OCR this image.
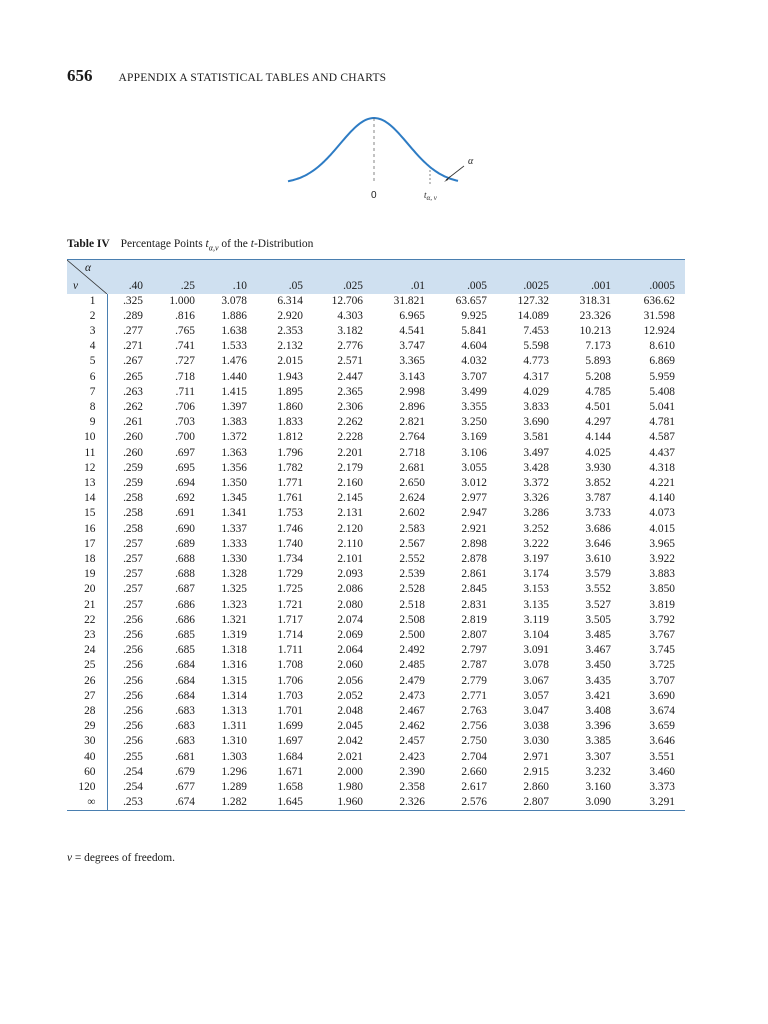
656 APPENDIX A STATISTICAL TABLES AND CHARTS
α
0	$t_{\alpha, \nu}$
Table IV Percentage Points $t_{\alpha,\nu}$ of the t-Distribution
α
ν	.40	.25	.10	.05	.025	.01	.005	.0025	.001	.0005
1	.325	1.000	3.078	6.314	12.706	31.821	63.657	127.32	318.31	636.62
2	.289	.816	1.886	2.920	4.303	6.965	9.925	14.089	23.326	31.598
3	.277	.765	1.638	2.353	3.182	4.541	5.841	7.453	10.213	12.924
4	.271	.741	1.533	2.132	2.776	3.747	4.604	5.598	7.173	8.610
5	.267	.727	1.476	2.015	2.571	3.365	4.032	4.773	5.893	6.869
6	.265	.718	1.440	1.943	2.447	3.143	3.707	4.317	5.208	5.959
7	.263	.711	1.415	1.895	2.365	2.998	3.499	4.029	4.785	5.408
8	.262	.706	1.397	1.860	2.306	2.896	3.355	3.833	4.501	5.041
9	.261	.703	1.383	1.833	2.262	2.821	3.250	3.690	4.297	4.781
10	.260	.700	1.372	1.812	2.228	2.764	3.169	3.581	4.144	4.587
11	.260	.697	1.363	1.796	2.201	2.718	3.106	3.497	4.025	4.437
12	.259	.695	1.356	1.782	2.179	2.681	3.055	3.428	3.930	4.318
13	.259	.694	1.350	1.771	2.160	2.650	3.012	3.372	3.852	4.221
14	.258	.692	1.345	1.761	2.145	2.624	2.977	3.326	3.787	4.140
15	.258	.691	1.341	1.753	2.131	2.602	2.947	3.286	3.733	4.073
16	.258	.690	1.337	1.746	2.120	2.583	2.921	3.252	3.686	4.015
17	.257	.689	1.333	1.740	2.110	2.567	2.898	3.222	3.646	3.965
18	.257	.688	1.330	1.734	2.101	2.552	2.878	3.197	3.610	3.922
19	.257	.688	1.328	1.729	2.093	2.539	2.861	3.174	3.579	3.883
20	.257	.687	1.325	1.725	2.086	2.528	2.845	3.153	3.552	3.850
21	.257	.686	1.323	1.721	2.080	2.518	2.831	3.135	3.527	3.819
22	.256	.686	1.321	1.717	2.074	2.508	2.819	3.119	3.505	3.792
23	.256	.685	1.319	1.714	2.069	2.500	2.807	3.104	3.485	3.767
24	.256	.685	1.318	1.711	2.064	2.492	2.797	3.091	3.467	3.745
25	.256	.684	1.316	1.708	2.060	2.485	2.787	3.078	3.450	3.725
26	.256	.684	1.315	1.706	2.056	2.479	2.779	3.067	3.435	3.707
27	.256	.684	1.314	1.703	2.052	2.473	2.771	3.057	3.421	3.690
28	.256	.683	1.313	1.701	2.048	2.467	2.763	3.047	3.408	3.674
29	.256	.683	1.311	1.699	2.045	2.462	2.756	3.038	3.396	3.659
30	.256	.683	1.310	1.697	2.042	2.457	2.750	3.030	3.385	3.646
40	.255	.681	1.303	1.684	2.021	2.423	2.704	2.971	3.307	3.551
60	.254	.679	1.296	1.671	2.000	2.390	2.660	2.915	3.232	3.460
120	.254	.677	1.289	1.658	1.980	2.358	2.617	2.860	3.160	3.373
∞	.253	.674	1.282	1.645	1.960	2.326	2.576	2.807	3.090	3.291
ν = degrees of freedom.
